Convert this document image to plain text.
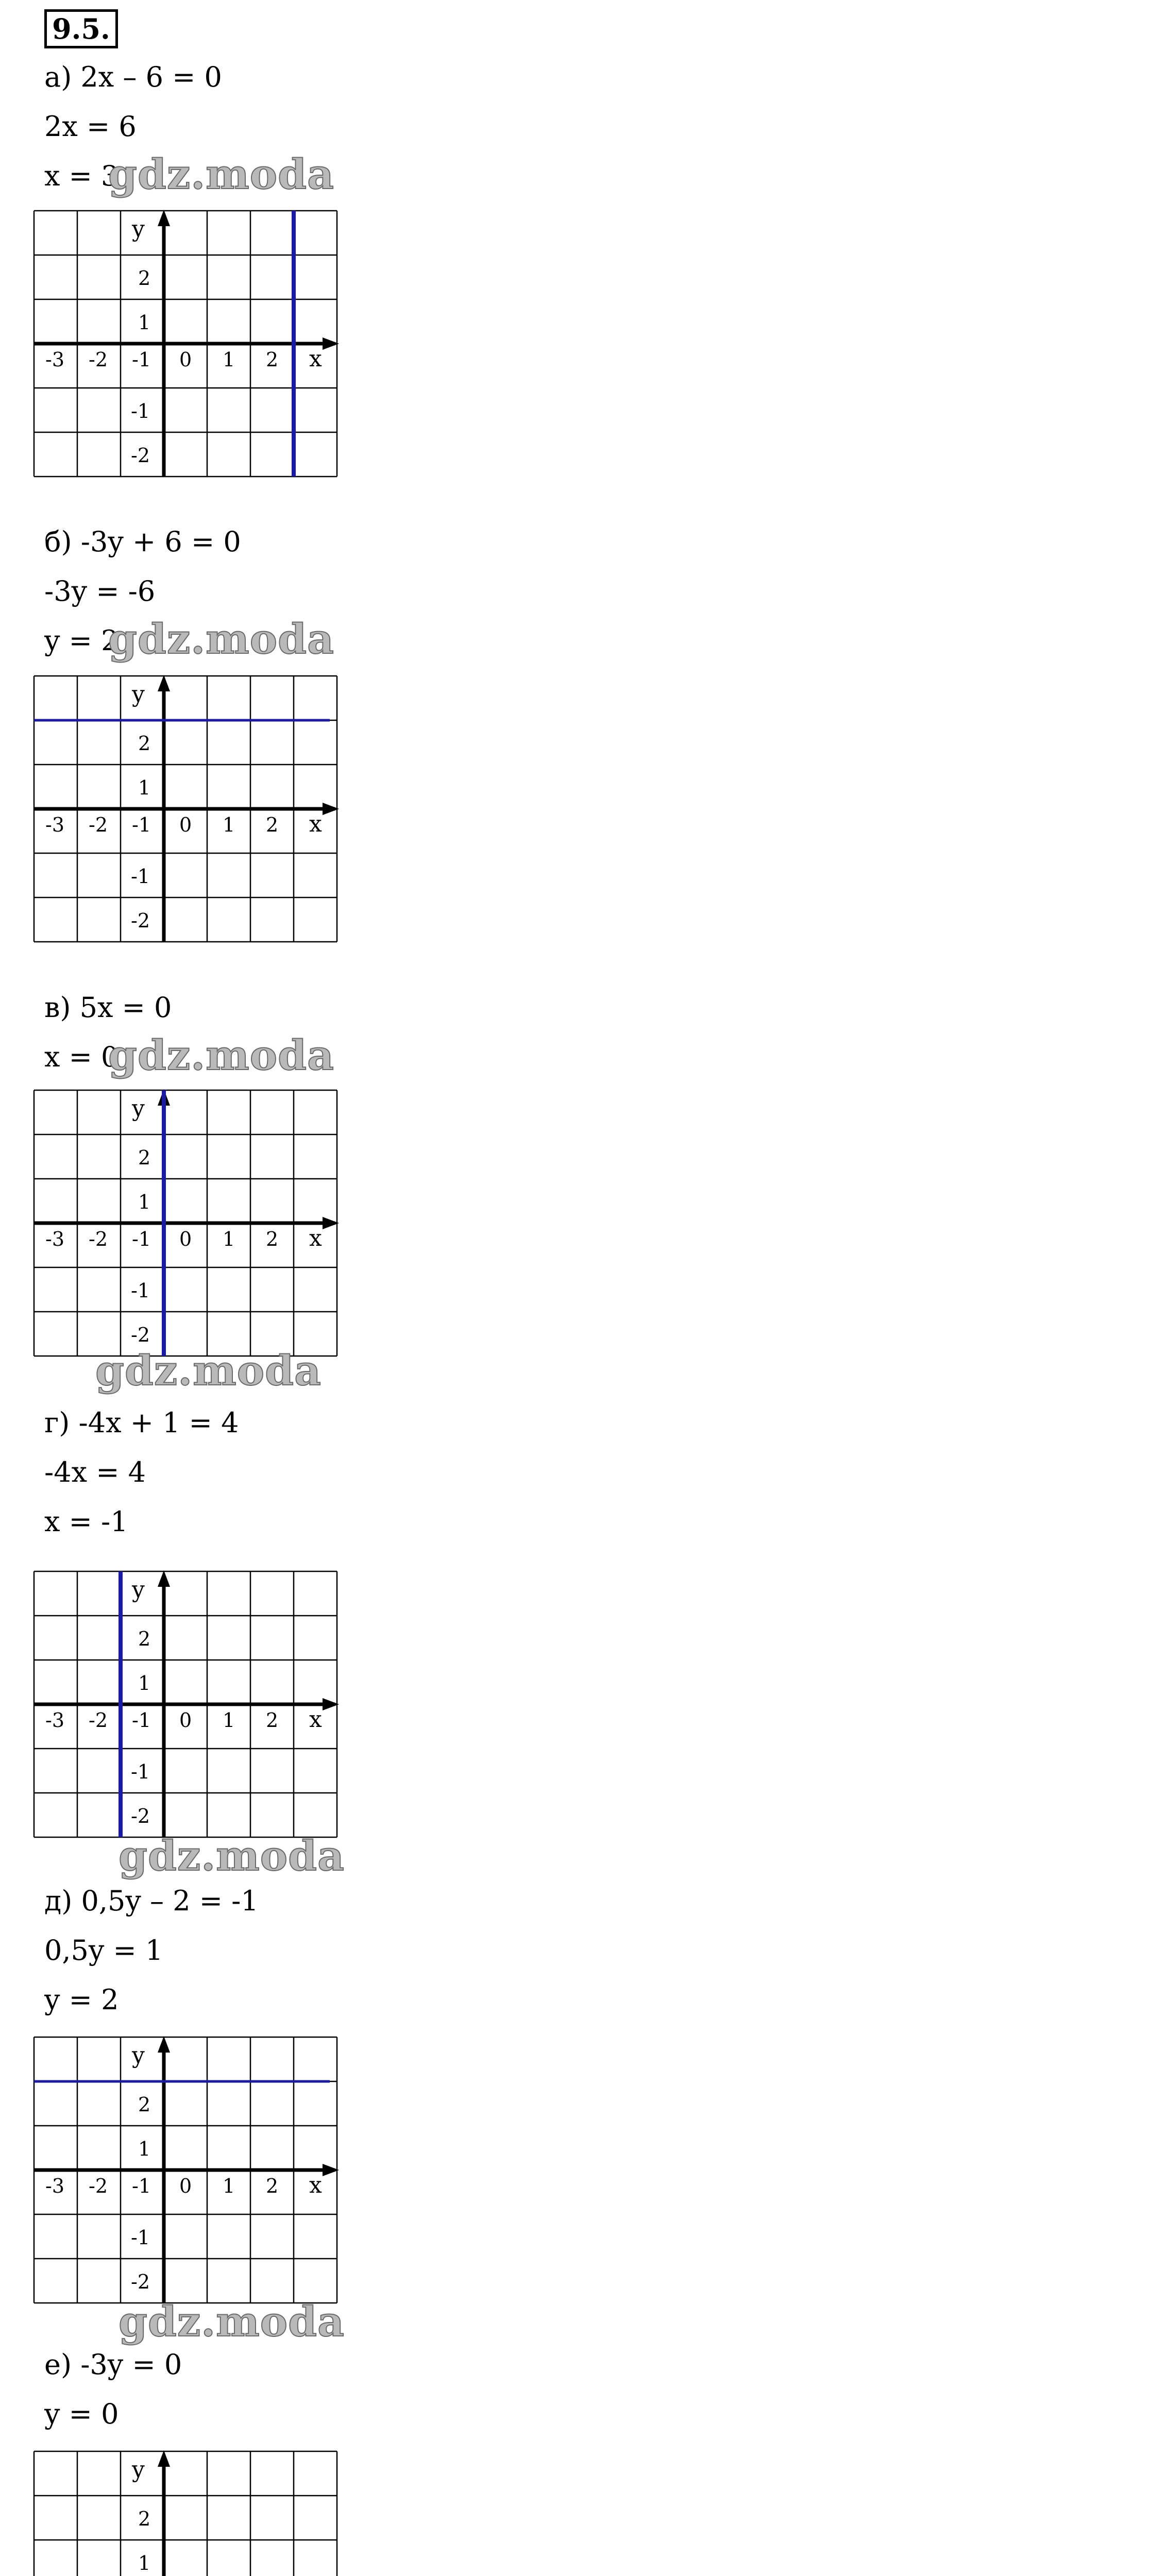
9.5.
а) 2x – 6 = 0
2x = 6
x = 3
-3 -2 -1 0 1 2 x
2
1
-1
-2
y
gdz.moda
б) -3y + 6 = 0
-3y = -6
y = 2
-3 -2 -1 0 1 2 x
2
1
-1
-2
y
gdz.moda
в) 5x = 0
x = 0
-3 -2 -1 0 1 2 x
2
1
-1
-2
y
gdz.moda
gdz.moda
г) -4x + 1 = 4
-4x = 4
x = -1
-3 -2 -1 0 1 2 x
2
1
-1
-2
y
gdz.moda
д) 0,5y – 2 = -1
0,5y = 1
y = 2
-3 -2 -1 0 1 2 x
2
1
-1
-2
y
gdz.moda
е) -3y = 0
y = 0
2
1
y
